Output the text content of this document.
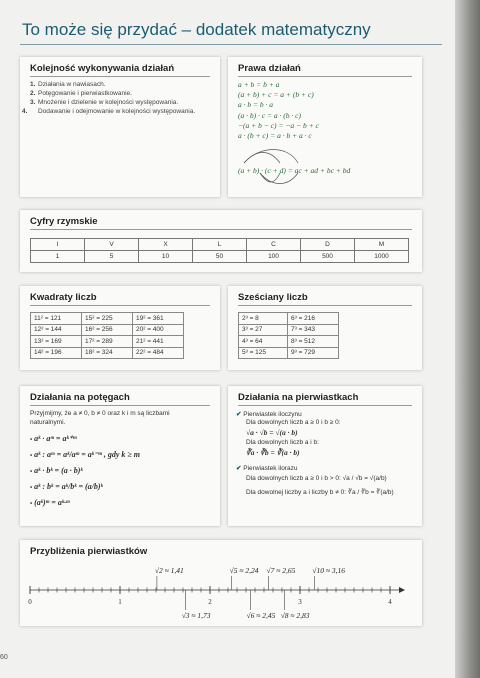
To może się przydać – dodatek matematyczny
Kolejność wykonywania działań
1. Działania w nawiasach.
2. Potęgowanie i pierwiastkowanie.
3. Mnożenie i dzielenie w kolejności występowania.
4. Dodawanie i odejmowanie w kolejności występowania.
Prawa działań
a + b = b + a
(a + b) + c = a + (b + c)
a · b = b · a
(a · b) · c = a · (b · c)
−(a + b − c) = −a − b + c
a · (b + c) = a · b + a · c
(a + b) · (c + d) = ac + ad + bc + bd
Cyfry rzymskie
I	V	X	L	C	D	M
1	5	10	50	100	500	1000
Kwadraty liczb
11² = 121	15² = 225	19² = 361
12² = 144	16² = 256	20² = 400
13² = 169	17² = 289	21² = 441
14² = 196	18² = 324	22² = 484
Sześciany liczb
2³ = 8	6³ = 216
3³ = 27	7³ = 343
4³ = 64	8³ = 512
5³ = 125	9³ = 729
Działania na potęgach
Przyjmijmy, że a ≠ 0, b ≠ 0 oraz k i m są liczbami naturalnymi.
• aᵏ · aᵐ = aᵏ⁺ᵐ
• aᵏ : aᵐ = aᵏ/aᵐ = aᵏ⁻ᵐ , gdy k ≥ m
• aᵏ · bᵏ = (a · b)ᵏ
• aᵏ : bᵏ = aᵏ/bᵏ = (a/b)ᵏ
• (aᵏ)ᵐ = aᵏ·ᵐ
Działania na pierwiastkach
✔ Pierwiastek iloczynu
Dla dowolnych liczb a ≥ 0 i b ≥ 0:
√a · √b = √(a · b)
Dla dowolnych liczb a i b:
∛a · ∛b = ∛(a · b)
✔ Pierwiastek ilorazu
Dla dowolnych liczb a ≥ 0 i b > 0: √a / √b = √(a/b)
Dla dowolnej liczby a i liczby b ≠ 0: ∛a / ∛b = ∛(a/b)
Przybliżenia pierwiastków
0	1	2	3	4
√2 ≈ 1,41	√5 ≈ 2,24 √7 ≈ 2,65 √10 ≈ 3,16
√3 ≈ 1,73	√6 ≈ 2,45 √8 ≈ 2,83
60
